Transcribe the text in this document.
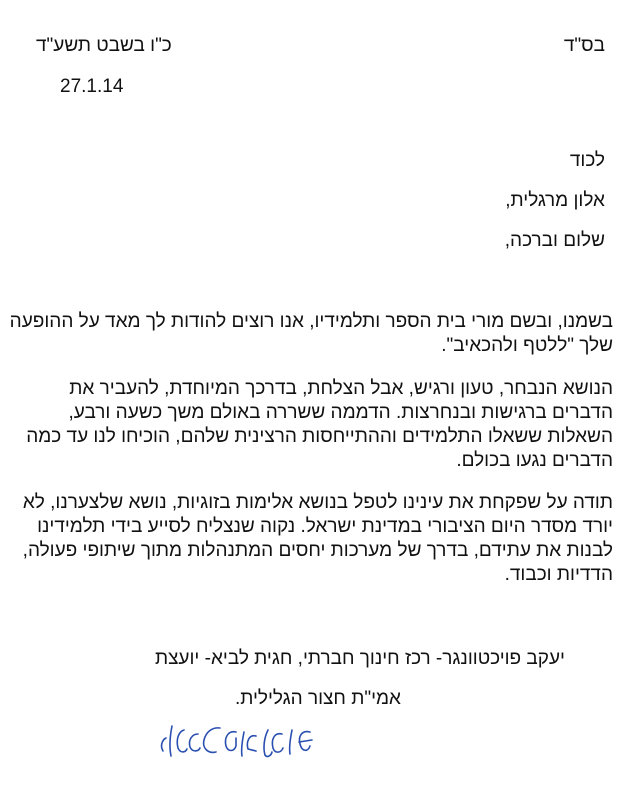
בס"ד
כ"ו בשבט תשע"ד
27.1.14
לכוד
אלון מרגלית,
שלום וברכה,
בשמנו, ובשם מורי בית הספר ותלמידיו, אנו רוצים להודות לך מאד על ההופעה
שלך "ללטף ולהכאיב".
הנושא הנבחר, טעון ורגיש, אבל הצלחת, בדרכך המיוחדת, להעביר את
הדברים ברגישות ובנחרצות. הדממה ששררה באולם משך כשעה ורבע,
השאלות ששאלו התלמידים וההתייחסות הרצינית שלהם, הוכיחו לנו עד כמה
הדברים נגעו בכולם.
תודה על שפקחת את עינינו לטפל בנושא אלימות בזוגיות, נושא שלצערנו, לא
יורד מסדר היום הציבורי במדינת ישראל. נקוה שנצליח לסייע בידי תלמידינו
לבנות את עתידם, בדרך של מערכות יחסים המתנהלות מתוך שיתופי פעולה,
הדדיות וכבוד.
יעקב פויכטוונגר- רכז חינוך חברתי, חגית לביא- יועצת
אמי"ת חצור הגלילית.
